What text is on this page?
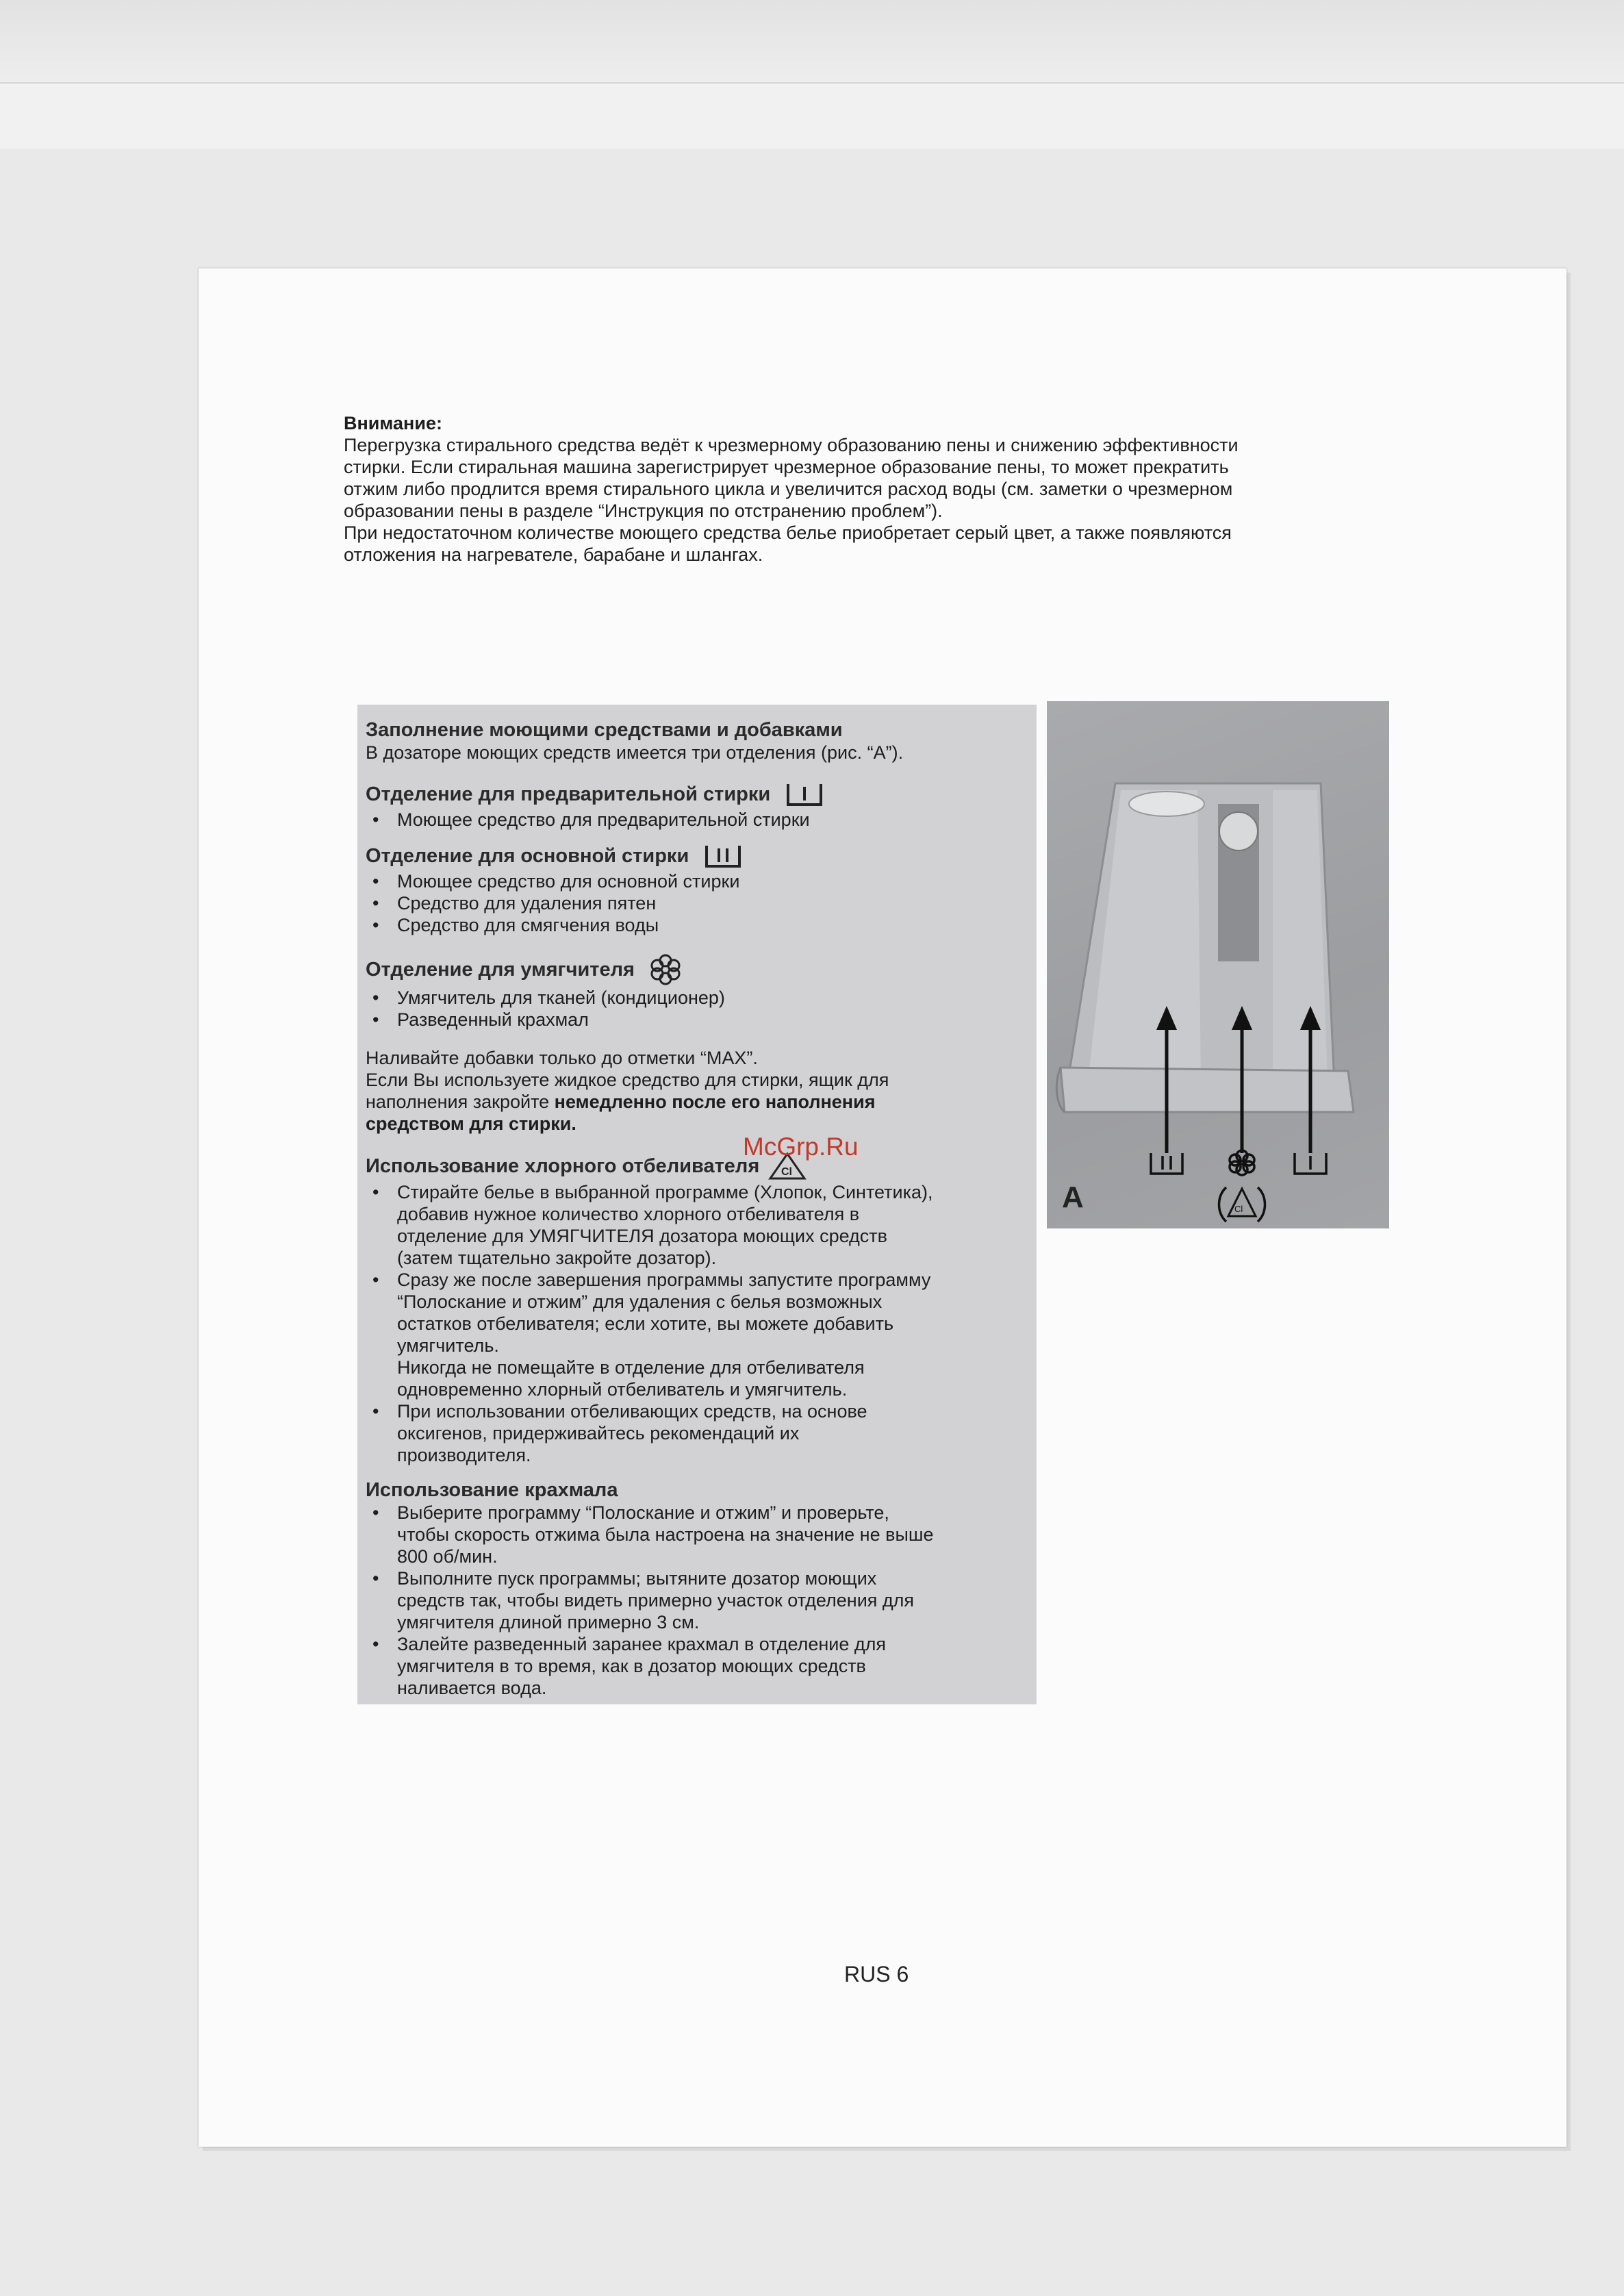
Внимание:
Перегрузка стирального средства ведёт к чрезмерному образованию пены и снижению эффективности
стирки. Если стиральная машина зарегистрирует чрезмерное образование пены, то может прекратить
отжим либо продлится время стирального цикла и увеличится расход воды (см. заметки о чрезмерном
образовании пены в разделе “Инструкция по отстранению проблем”).
При недостаточном количестве моющего средства белье приобретает серый цвет, а также появляются
отложения на нагревателе, барабане и шлангах.
Заполнение моющими средствами и добавками

В дозаторе моющих средств имеется три отделения (рис. “А”).

Отделение для предварительной стирки
• Моющее средство для предварительной стирки
Отделение для основной стирки
• Моющее средство для основной стирки
• Средство для удаления пятен
• Средство для смягчения воды
Отделение для умягчителя
• Умягчитель для тканей (кондиционер)
• Разведенный крахмал

Наливайте добавки только до отметки “MAX”.

Если Вы используете жидкое средство для стирки, ящик для

наполнения закройте немедленно после его наполнения

средством для стирки.

Использование хлорного отбеливателя Cl
• Стирайте белье в выбранной программе (Хлопок, Синтетика),
добавив нужное количество хлорного отбеливателя в
отделение для УМЯГЧИТЕЛЯ дозатора моющих средств
(затем тщательно закройте дозатор).
• Сразу же после завершения программы запустите программу
“Полоскание и отжим” для удаления с белья возможных
остатков отбеливателя; если хотите, вы можете добавить
умягчитель.
Никогда не помещайте в отделение для отбеливателя
одновременно хлорный отбеливатель и умягчитель.
• При использовании отбеливающих средств, на основе
оксигенов, придерживайтесь рекомендаций их
производителя.
Использование крахмала
• Выберите программу “Полоскание и отжим” и проверьте,
чтобы скорость отжима была настроена на значение не выше
800 об/мин.
• Выполните пуск программы; вытяните дозатор моющих
средств так, чтобы видеть примерно участок отделения для
умягчителя длиной примерно 3 см.
• Залейте разведенный заранее крахмал в отделение для
умягчителя в то время, как в дозатор моющих средств
наливается вода.
Cl
A
McGrp.Ru
RUS 6
